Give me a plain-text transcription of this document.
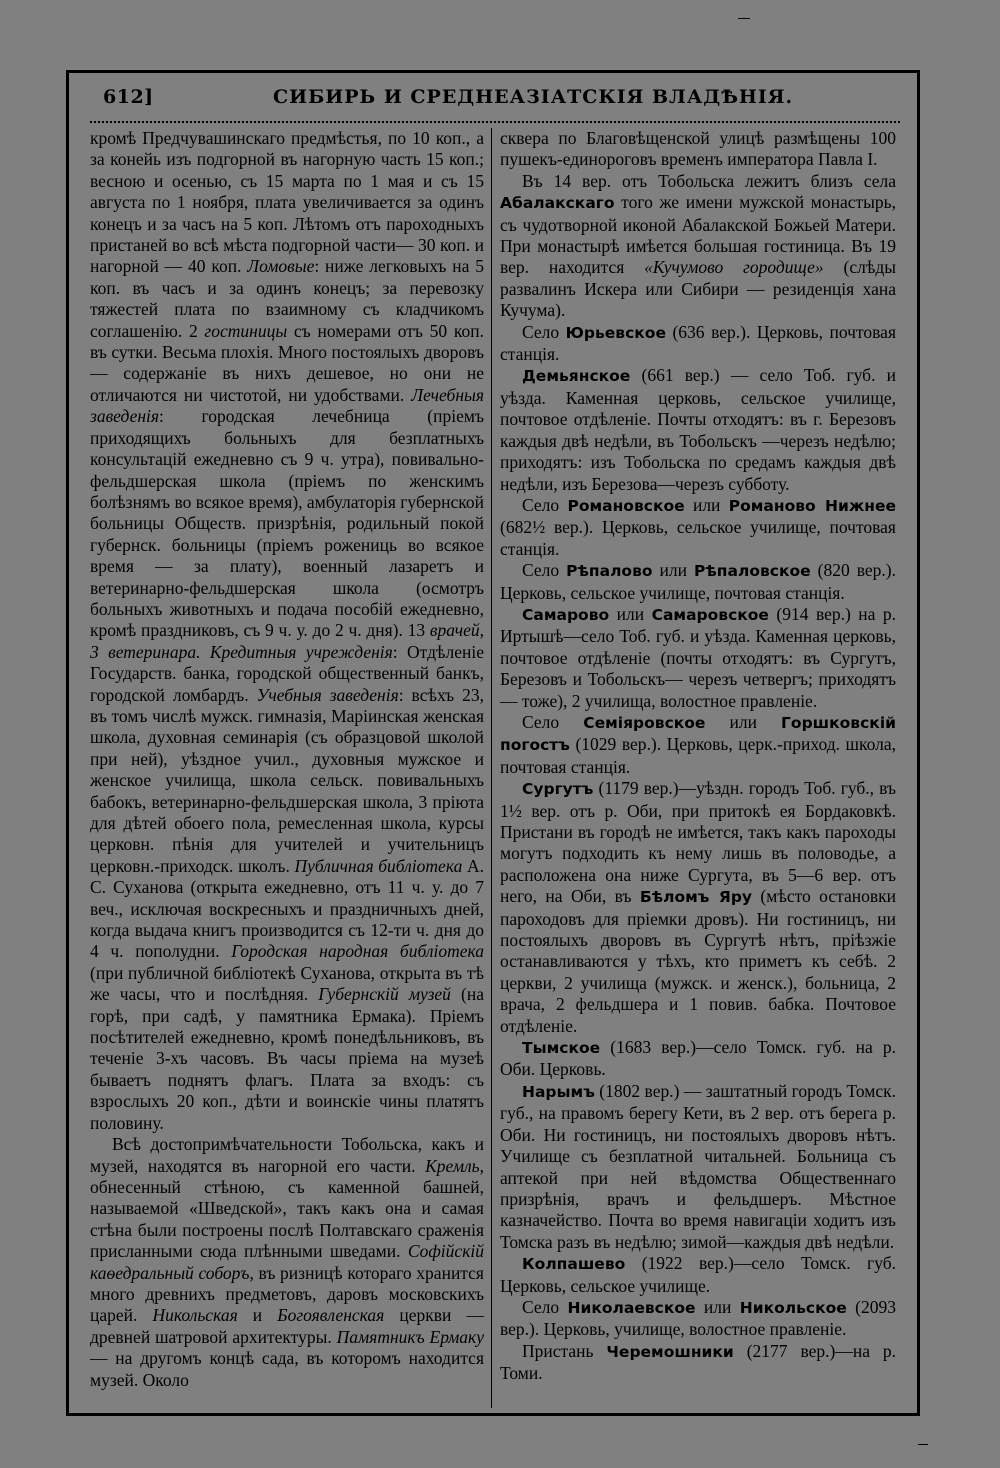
612]	СИБИРЬ И СРЕДНЕАЗIАТСКIЯ ВЛАДѢНIЯ.

кромѣ Предчувашинскаго предмѣстья, по 10 коп., а за конейь изъ подгорной въ нагорную часть 15 коп.; весною и осенью, съ 15 марта по 1 мая и съ 15 августа по 1 ноября, плата увеличивается за одинъ конецъ и за часъ на 5 коп. Лѣтомъ отъ пароходныхъ пристаней во всѣ мѣста подгорной части— 30 коп. и нагорной — 40 коп. Ломовые: ниже легковыхъ на 5 коп. въ часъ и за одинъ конецъ; за перевозку тяжестей плата по взаимному съ кладчикомъ соглашенiю. 2 гостиницы съ номерами отъ 50 коп. въ сутки. Весьма плохiя. Много постоялыхъ дворовъ— содержанiе въ нихъ дешевое, но они не отличаются ни чистотой, ни удобствами. Лечебныя заведенiя: городская лечебница (прiемъ приходящихъ больныхъ для безплатныхъ консультацiй ежедневно съ 9 ч. утра), повивально-фельдшерская школа (прiемъ по женскимъ болѣзнямъ во всякое время), амбулаторiя губернской больницы Обществ. призрѣнiя, родильный покой губернск. больницы (прiемъ рожениць во всякое время — за плату), военный лазаретъ и ветеринарно-фельдшерская школа (осмотръ больныхъ животныхъ и подача пособiй ежедневно, кромѣ праздниковъ, съ 9 ч. у. до 2 ч. дня). 13 врачей, 3 ветеринара. Кредитныя учрежденiя: Отдѣленiе Государств. банка, городской общественный банкъ, городской ломбардъ. Учебныя заведенiя: всѣхъ 23, въ томъ числѣ мужск. гимназiя, Марiинская женская школа, духовная семинарiя (съ образцовой школой при ней), уѣздное учил., духовныя мужское и женское училища, школа сельск. повивальныхъ бабокъ, ветеринарно-фельдшерская школа, 3 прiюта для дѣтей обоего пола, ремесленная школа, курсы церковн. пѣнiя для учителей и учительницъ церковн.-приходск. школъ. Публичная библiотека А. С. Суханова (открыта ежедневно, отъ 11 ч. у. до 7 веч., исключая воскресныхъ и праздничныхъ дней, когда выдача книгъ производится съ 12-ти ч. дня до 4 ч. пополудни. Городская народная библiотека (при публичной библiотекѣ Суханова, открыта въ тѣ же часы, что и послѣдняя. Губернскiй музей (на горѣ, при садѣ, у памятника Ермака). Прiемъ посѣтителей ежедневно, кромѣ понедѣльниковъ, въ теченiе 3-хъ часовъ. Въ часы прiема на музеѣ бываетъ поднятъ флагъ. Плата за входъ: съ взрослыхъ 20 коп., дѣти и воинскiе чины платятъ половину.

Всѣ достопримѣчательности Тобольска, какъ и музей, находятся въ нагорной его части. Кремль, обнесенный стѣною, съ каменной башней, называемой «Шведской», такъ какъ она и самая стѣна были построены послѣ Полтавскаго сраженiя присланными сюда плѣнными шведами. Софiйскiй каѳедральный соборъ, въ ризницѣ котораго хранится много древнихъ предметовъ, даровъ московскихъ царей. Никольская и Богоявленская церкви — древней шатровой архитектуры. Памятникъ Ермаку — на другомъ концѣ сада, въ которомъ находится музей. Около

сквера по Благовѣщенской улицѣ размѣщены 100 пушекъ-единороговъ временъ императора Павла I.

Въ 14 вер. отъ Тобольска лежитъ близъ села Абалакскаго того же имени мужской монастырь, съ чудотворной иконой Абалакской Божьей Матери. При монастырѣ имѣется большая гостиница. Въ 19 вер. находится «Кучумово городище» (слѣды развалинъ Искера или Сибири — резиденцiя хана Кучума).

Село Юрьевское (636 вер.). Церковь, почтовая станцiя.

Демьянское (661 вер.) — село Тоб. губ. и уѣзда. Каменная церковь, сельское училище, почтовое отдѣленiе. Почты отходятъ: въ г. Березовъ каждыя двѣ недѣли, въ Тобольскъ —черезъ недѣлю; приходятъ: изъ Тобольска по средамъ каждыя двѣ недѣли, изъ Березова—черезъ субботу.

Село Романовское или Романово Нижнее (682½ вер.). Церковь, сельское училище, почтовая станцiя.

Село Рѣпалово или Рѣпаловское (820 вер.). Церковь, сельское училище, почтовая станцiя.

Самарово или Самаровское (914 вер.) на р. Иртышѣ—село Тоб. губ. и уѣзда. Каменная церковь, почтовое отдѣленiе (почты отходятъ: въ Сургутъ, Березовъ и Тобольскъ— черезъ четвергъ; приходятъ — тоже), 2 училища, волостное правленiе.

Село Семiяровское или Горшковскiй погостъ (1029 вер.). Церковь, церк.-приход. школа, почтовая станцiя.

Сургутъ (1179 вер.)—уѣздн. городъ Тоб. губ., въ 1½ вер. отъ р. Оби, при притокѣ ея Бордаковкѣ. Пристани въ городѣ не имѣется, такъ какъ пароходы могутъ подходить къ нему лишь въ половодье, а расположена она ниже Сургута, въ 5—6 вер. отъ него, на Оби, въ Бѣломъ Яру (мѣсто остановки пароходовъ для прiемки дровъ). Ни гостиницъ, ни постоялыхъ дворовъ въ Сургутѣ нѣтъ, прiѣзжiе останавливаются у тѣхъ, кто приметъ къ себѣ. 2 церкви, 2 училища (мужск. и женск.), больница, 2 врача, 2 фельдшера и 1 повив. бабка. Почтовое отдѣленiе.

Тымское (1683 вер.)—село Томск. губ. на р. Оби. Церковь.

Нарымъ (1802 вер.) — заштатный городъ Томск. губ., на правомъ берегу Кети, въ 2 вер. отъ берега р. Оби. Ни гостиницъ, ни постоялыхъ дворовъ нѣтъ. Училище съ безплатной читальней. Больница съ аптекой при ней вѣдомства Общественнаго призрѣнiя, врачъ и фельдшеръ. Мѣстное казначейство. Почта во время навигацiи ходитъ изъ Томска разъ въ недѣлю; зимой—каждыя двѣ недѣли.

Колпашево (1922 вер.)—село Томск. губ. Церковь, сельское училище.

Село Николаевское или Никольское (2093 вер.). Церковь, училище, волостное правленiе.

Пристань Черемошники (2177 вер.)—на р. Томи.
